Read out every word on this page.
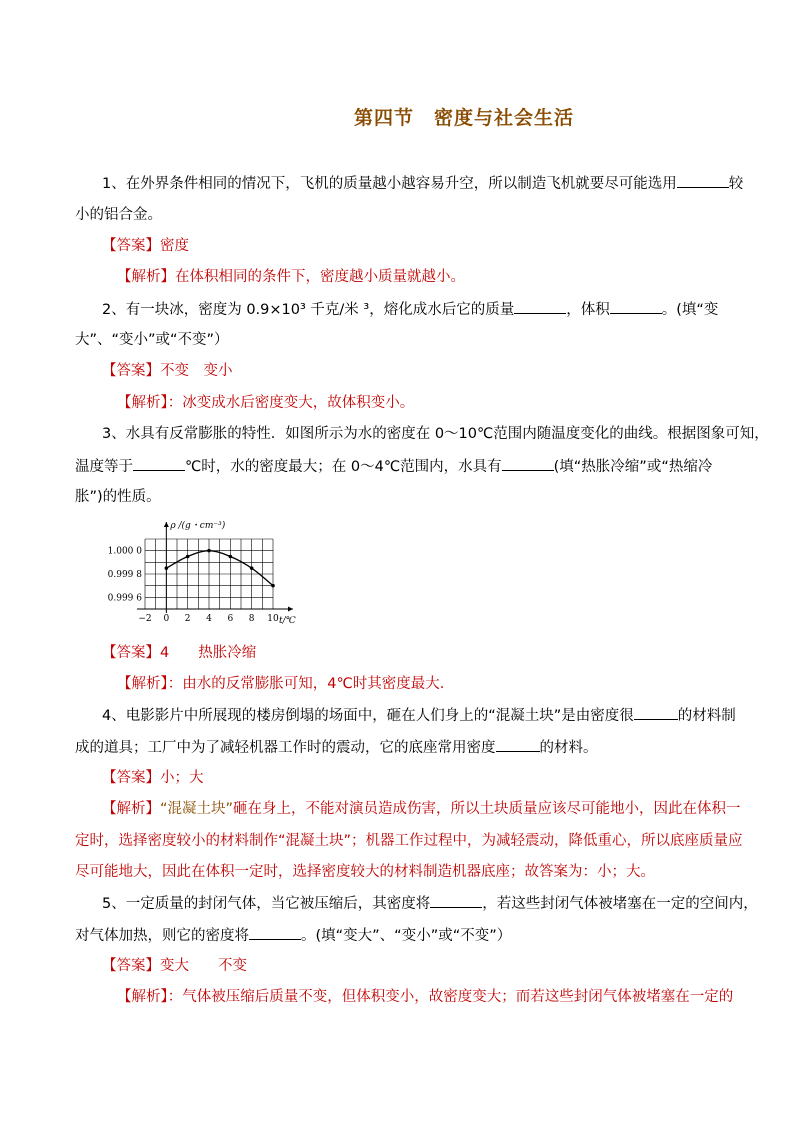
第四节　密度与社会生活
1、在外界条件相同的情况下，飞机的质量越小越容易升空，所以制造飞机就要尽可能选用	较
小的铝合金。
【答案】密度
【解析】在体积相同的条件下，密度越小质量就越小。
2、有一块冰，密度为 0.9×10³ 千克/米 ³，熔化成水后它的质量	，体积	。(填“变
大”、“变小”或“不变”）
【答案】不变　变小
【解析】：冰变成水后密度变大，故体积变小。
3、水具有反常膨胀的特性．如图所示为水的密度在 0～10℃范围内随温度变化的曲线。根据图象可知，
温度等于	℃时，水的密度最大；在 0～4℃范围内，水具有	(填“热胀冷缩”或“热缩冷
胀”)的性质。
−2 0 2 4 6 8 10
1.000 0
0.999 8
0.999 6
ρ /(g・cm⁻³)
t/℃
【答案】4　　热胀冷缩
【解析】：由水的反常膨胀可知，4℃时其密度最大.
4、电影影片中所展现的楼房倒塌的场面中，砸在人们身上的“混凝土块”是由密度很	的材料制
成的道具；工厂中为了减轻机器工作时的震动，它的底座常用密度	的材料。
【答案】小；大
【解析】“混凝土块”砸在身上，不能对演员造成伤害，所以土块质量应该尽可能地小，因此在体积一
定时，选择密度较小的材料制作“混凝土块”；机器工作过程中，为减轻震动，降低重心，所以底座质量应
尽可能地大，因此在体积一定时，选择密度较大的材料制造机器底座；故答案为：小；大。
5、一定质量的封闭气体，当它被压缩后，其密度将	，若这些封闭气体被堵塞在一定的空间内，
对气体加热，则它的密度将	。(填“变大”、“变小”或“不变”）
【答案】变大　　不变
【解析】：气体被压缩后质量不变，但体积变小，故密度变大；而若这些封闭气体被堵塞在一定的
